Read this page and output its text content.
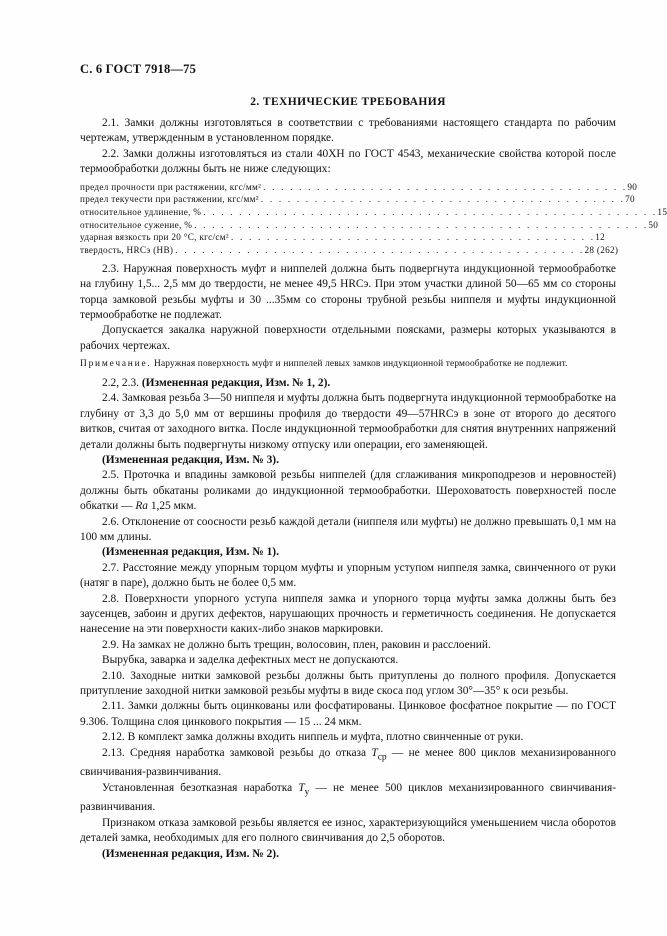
С. 6 ГОСТ 7918—75
2. ТЕХНИЧЕСКИЕ ТРЕБОВАНИЯ

2.1. Замки должны изготовляться в соответствии с требованиями настоящего стандарта по рабочим чертежам, утвержденным в установленном порядке.

2.2. Замки должны изготовляться из стали 40ХН по ГОСТ 4543, механические свойства которой после термообработки должны быть не ниже следующих:

предел прочности при растяжении, кгс/мм² . . . . . . . . . . . . . . . . . . . . . . . . . . . . . . . . . . . . . . . . . 90
предел текучести при растяжении, кгс/мм² . . . . . . . . . . . . . . . . . . . . . . . . . . . . . . . . . . . . . . . . . 70
относительное удлинение, % . . . . . . . . . . . . . . . . . . . . . . . . . . . . . . . . . . . . . . . . . . . . . . . . . . . 15
относительное сужение, % . . . . . . . . . . . . . . . . . . . . . . . . . . . . . . . . . . . . . . . . . . . . . . . . . . . 50
ударная вязкость при 20 °С, кгс/см² . . . . . . . . . . . . . . . . . . . . . . . . . . . . . . . . . . . . . . . . . 12
твердость, HRCэ (НВ) . . . . . . . . . . . . . . . . . . . . . . . . . . . . . . . . . . . . . . . . . . . . . . 28 (262)

2.3. Наружная поверхность муфт и ниппелей должна быть подвергнута индукционной термообработке на глубину 1,5... 2,5 мм до твердости, не менее 49,5 HRCэ. При этом участки длиной 50—65 мм со стороны торца замковой резьбы муфты и 30 ...35мм со стороны трубной резьбы ниппеля и муфты индукционной термообработке не подлежат.

Допускается закалка наружной поверхности отдельными поясками, размеры которых указываются в рабочих чертежах.

Примечание. Наружная поверхность муфт и ниппелей левых замков индукционной термообработке не подлежит.

2.2, 2.3. (Измененная редакция, Изм. № 1, 2).

2.4. Замковая резьба 3—50 ниппеля и муфты должна быть подвергнута индукционной термообработке на глубину от 3,3 до 5,0 мм от вершины профиля до твердости 49—57HRCэ в зоне от второго до десятого витков, считая от заходного витка. После индукционной термообработки для снятия внутренних напряжений детали должны быть подвергнуты низкому отпуску или операции, его заменяющей.

(Измененная редакция, Изм. № 3).

2.5. Проточка и впадины замковой резьбы ниппелей (для сглаживания микроподрезов и неровностей) должны быть обкатаны роликами до индукционной термообработки. Шероховатость поверхностей после обкатки — Ra 1,25 мкм.

2.6. Отклонение от соосности резьб каждой детали (ниппеля или муфты) не должно превышать 0,1 мм на 100 мм длины.

(Измененная редакция, Изм. № 1).

2.7. Расстояние между упорным торцом муфты и упорным уступом ниппеля замка, свинченного от руки (натяг в паре), должно быть не более 0,5 мм.

2.8. Поверхности упорного уступа ниппеля замка и упорного торца муфты замка должны быть без заусенцев, забоин и других дефектов, нарушающих прочность и герметичность соединения. Не допускается нанесение на эти поверхности каких-либо знаков маркировки.

2.9. На замках не должно быть трещин, волосовин, плен, раковин и расслоений.

Вырубка, заварка и заделка дефектных мест не допускаются.

2.10. Заходные нитки замковой резьбы должны быть притуплены до полного профиля. Допускается притупление заходной нитки замковой резьбы муфты в виде скоса под углом 30°—35° к оси резьбы.

2.11. Замки должны быть оцинкованы или фосфатированы. Цинковое фосфатное покрытие — по ГОСТ 9.306. Толщина слоя цинкового покрытия — 15 ... 24 мкм.

2.12. В комплект замка должны входить ниппель и муфта, плотно свинченные от руки.

2.13. Средняя наработка замковой резьбы до отказа $Т_{ср}$ — не менее 800 циклов механизированного свинчивания-развинчивания.

Установленная безотказная наработка $Т_у$ — не менее 500 циклов механизированного свинчивания-развинчивания.

Признаком отказа замковой резьбы является ее износ, характеризующийся уменьшением числа оборотов деталей замка, необходимых для его полного свинчивания до 2,5 оборотов.

(Измененная редакция, Изм. № 2).
